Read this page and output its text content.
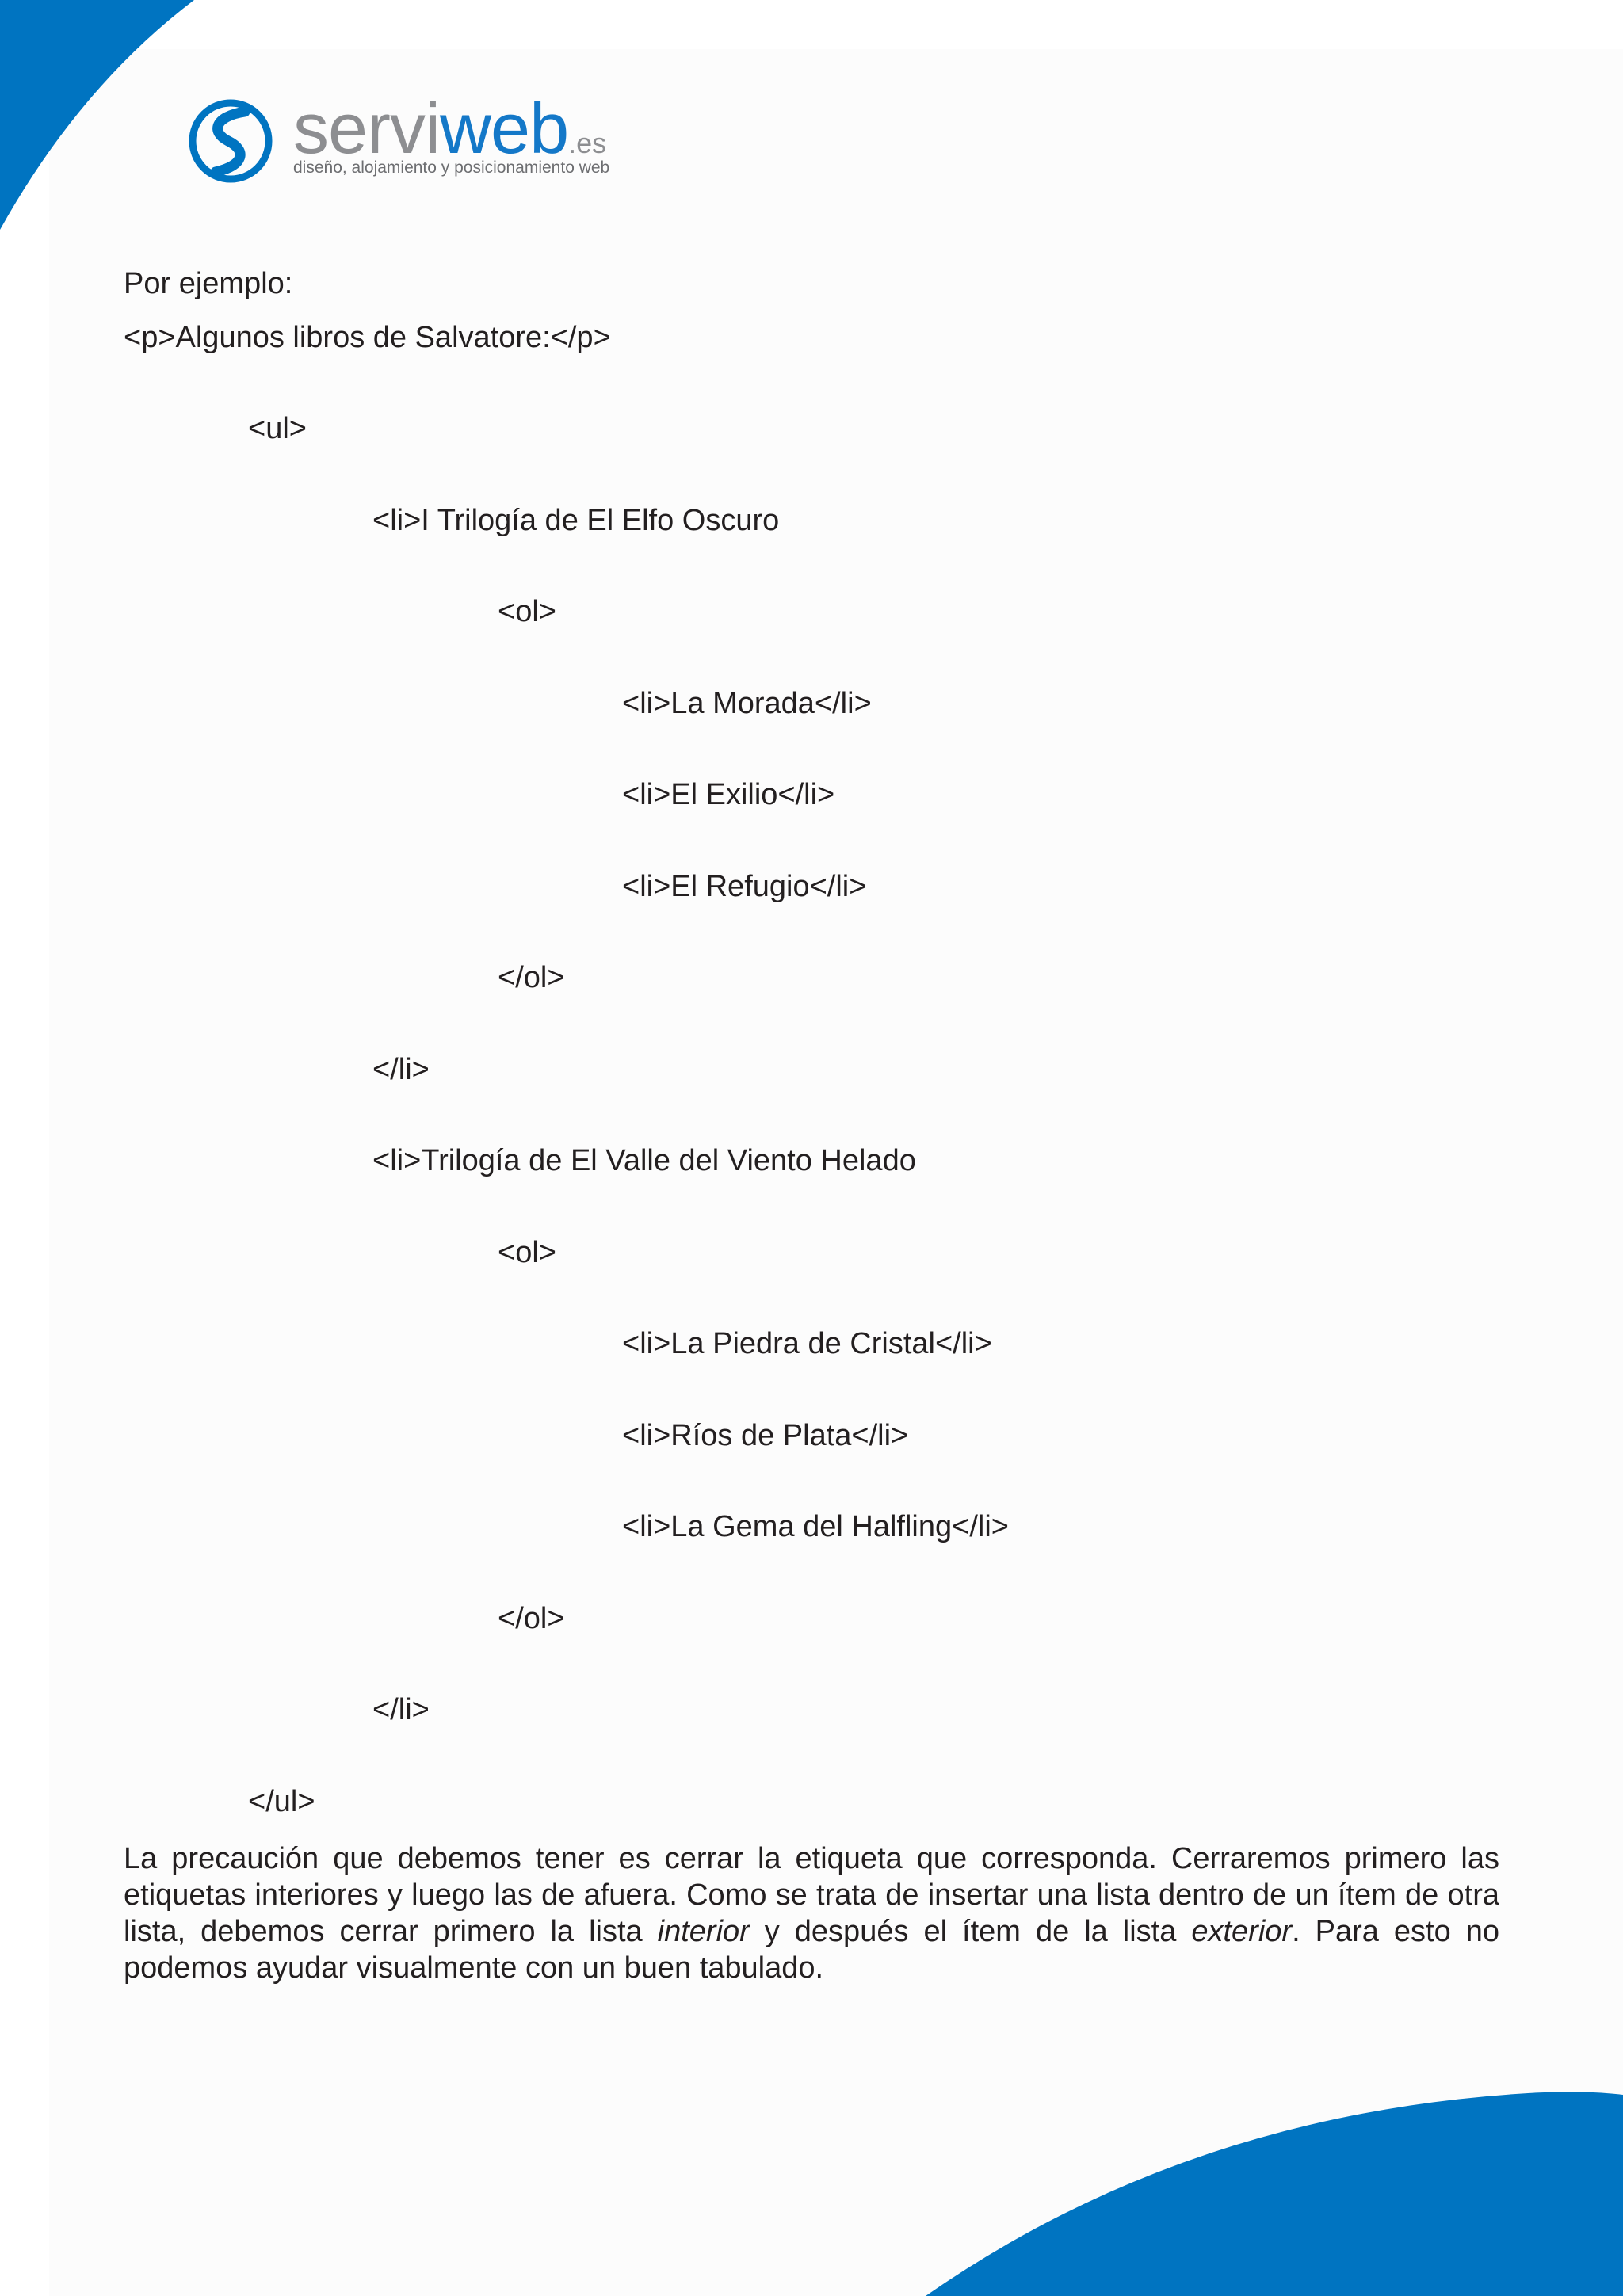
serviweb.es
diseño, alojamiento y posicionamiento web
Por ejemplo:
<p>Algunos libros de Salvatore:</p>
<ul>
<li>I Trilogía de El Elfo Oscuro
<ol>
<li>La Morada</li>
<li>El Exilio</li>
<li>El Refugio</li>
</ol>
</li>
<li>Trilogía de El Valle del Viento Helado
<ol>
<li>La Piedra de Cristal</li>
<li>Ríos de Plata</li>
<li>La Gema del Halfling</li>
</ol>
</li>
</ul>

La precaución que debemos tener es cerrar la etiqueta que corresponda. Cerraremos primero las etiquetas interiores y luego las de afuera. Como se trata de insertar una lista dentro de un ítem de otra lista, debemos cerrar primero la lista interior y después el ítem de la lista exterior. Para esto no podemos ayudar visualmente con un buen tabulado.
